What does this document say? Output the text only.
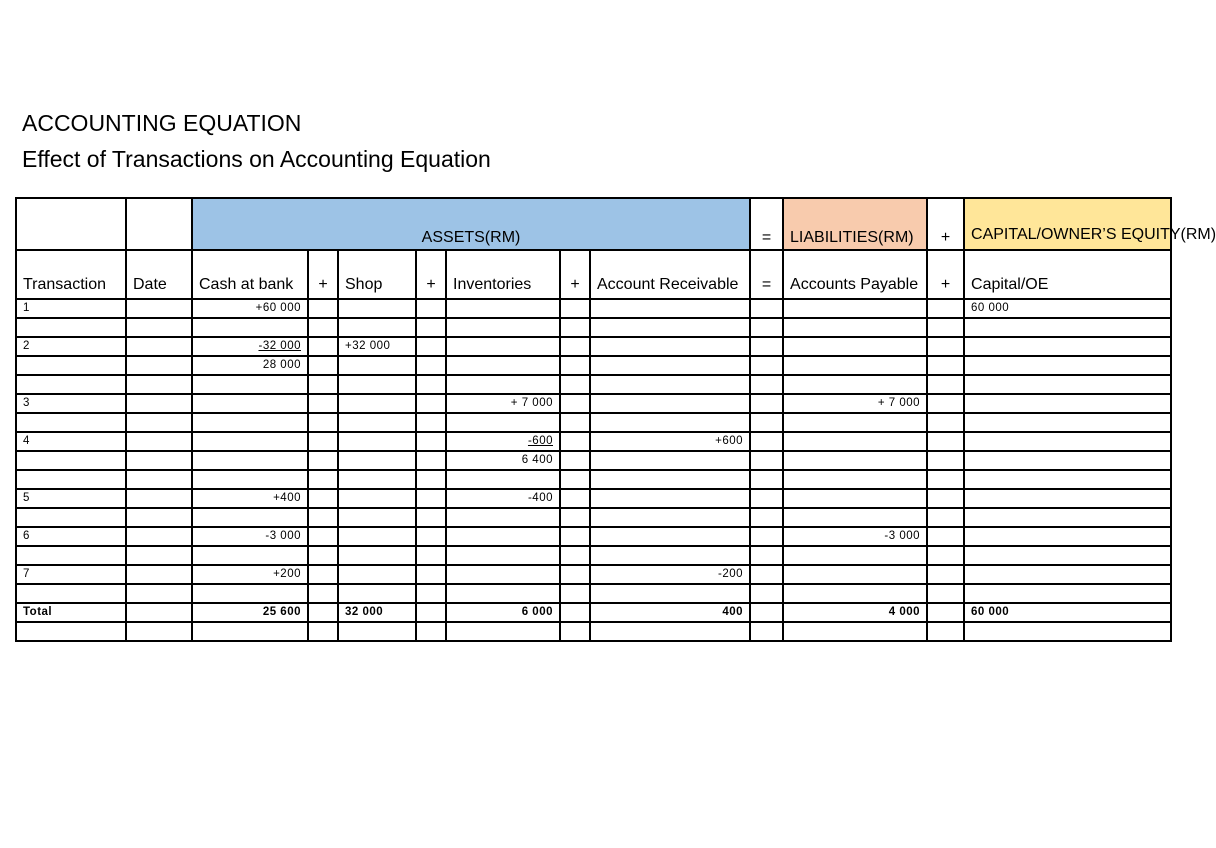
ACCOUNTING EQUATION
Effect of Transactions on Accounting Equation
		ASSETS(RM)							=	LIABILITIES(RM)	+	CAPITAL/OWNER’S EQUITY(RM)
Transaction	Date	Cash at bank	+	Shop	+	Inventories	+	Account Receivable	=	Accounts Payable	+	Capital/OE
1		+60 000										60 000

2		-32 000		+32 000								
		28 000										

3						+ 7 000				+ 7 000		

4						-600		+600				
						6 400						

5		+400				-400						

6		-3 000								-3 000		

7		+200						-200				

Total		25 600		32 000		6 000		400		4 000		60 000
